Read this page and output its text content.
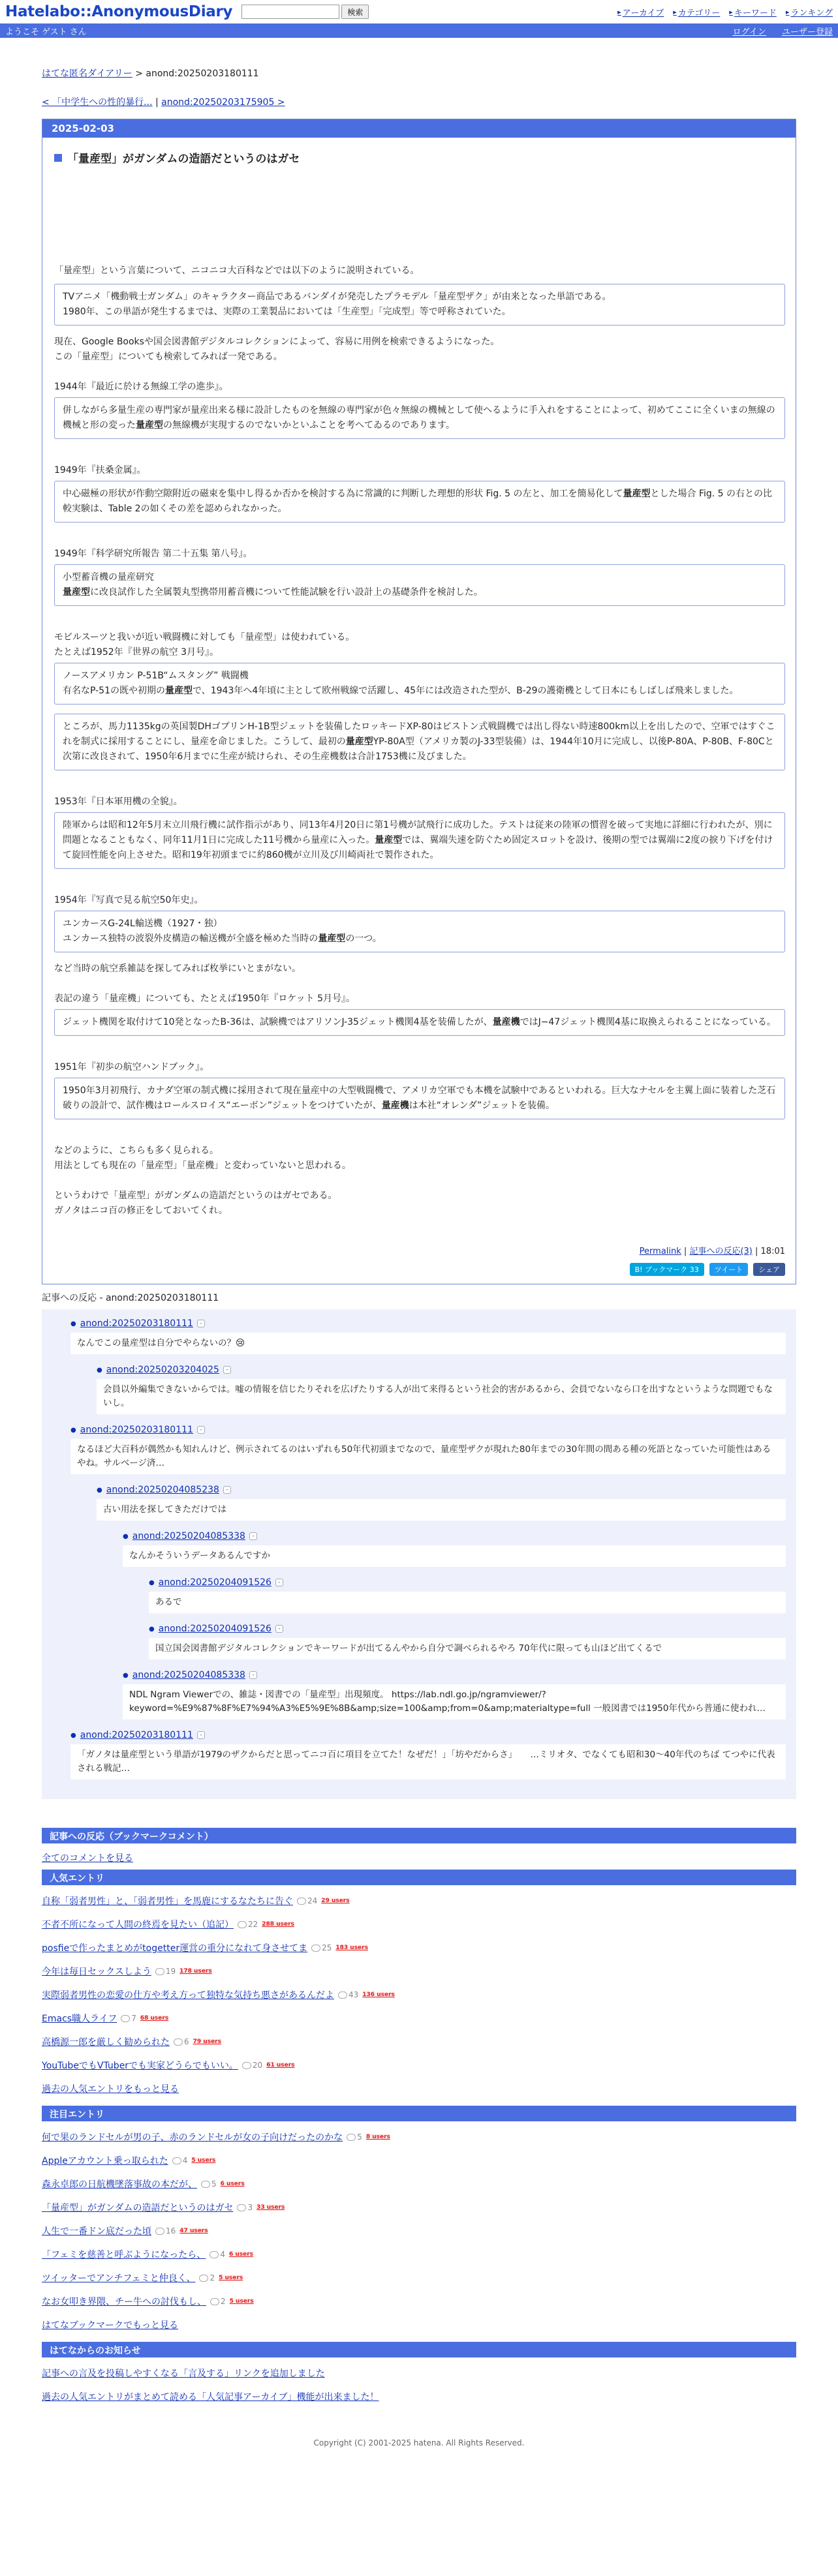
Hatelabo::AnonymousDiary	検索	▸ アーカイブ ▸ カテゴリー ▸ キーワード ▸ ランキング
ようこそ ゲスト さん	ログイン ユーザー登録
はてな匿名ダイアリー > anond:20250203180111
< 「中学生への性的暴行... | anond:20250203175905 >
2025-02-03
「量産型」がガンダムの造語だというのはガセ

「量産型」という言葉について、ニコニコ大百科などでは以下のように説明されている。

TVアニメ「機動戦士ガンダム」のキャラクター商品であるバンダイが発売したプラモデル「量産型ザク」が由来となった単語である。

1980年、この単語が発生するまでは、実際の工業製品においては「生産型」「完成型」等で呼称されていた。

現在、Google Booksや国会図書館デジタルコレクションによって、容易に用例を検索できるようになった。

この「量産型」についても検索してみれば一発である。

1944年『最近に於ける無線工学の進歩』。

併しながら多量生産の専門家が量産出来る様に設計したものを無線の専門家が色々無線の機械として使へるように手入れをすることによって、初めてここに全くいまの無線の機械と形の変った量産型の無線機が実現するのでないかといふことを考へてゐるのであります。

1949年『扶桑金属』。

中心磁極の形状が作動空隙附近の磁束を集中し得るか否かを検討する為に常識的に判断した理想的形状 Fig. 5 の左と、加工を簡易化して量産型とした場合 Fig. 5 の右との比較実験は、Table 2の如くその差を認められなかった。

1949年『科学研究所報告 第二十五集 第八号』。

小型蓄音機の量産研究

量産型に改良試作した全属製丸型携帯用蓄音機について性能試験を行い設計上の基礎条件を検討した。

モビルスーツと我いが近い戦闘機に対しても「量産型」は使われている。

たとえば1952年『世界の航空 3月号』。

ノースアメリカン P-51B“ムスタング” 戦闘機

有名なP-51の既や初期の量産型で、1943年へ4年頃に主として欧州戦線で活躍し、45年には改造された型が、B-29の護衛機として日本にもしばしば飛来しました。
ところが、馬力1135kgの英国製DHゴブリンH-1B型ジェットを装備したロッキードXP-80はピストン式戦闘機では出し得ない時速800km以上を出したので、空軍ではすぐこれを制式に採用することにし、量産を命じました。こうして、最初の量産型YP-80A型（アメリカ製のJ-33型装備）は、1944年10月に完成し、以後P-80A、P-80B、F-80Cと次第に改良されて、1950年6月までに生産が続けられ、その生産機数は合計1753機に及びました。

1953年『日本軍用機の全貌』。

陸軍からは昭和12年5月末立川飛行機に試作指示があり、同13年4月20日に第1号機が試飛行に成功した。テストは従来の陸軍の慣習を破って実地に詳細に行われたが、別に問題となることもなく、同年11月1日に完成した11号機から量産に入った。量産型では、翼端失速を防ぐため固定スロットを設け、後期の型では翼端に2度の捩り下げを付けて旋回性能を向上させた。昭和19年初頭までに約860機が立川及び川崎両社で製作された。

1954年『写真で見る航空50年史』。

ユンカースG-24L輸送機（1927・独）

ユンカース独特の波裂外皮構造の輸送機が全盛を極めた当時の量産型の一つ。

など当時の航空系雑誌を探してみれば枚挙にいとまがない。

表記の違う「量産機」についても、たとえば1950年『ロケット 5月号』。

ジェット機関を取付けて10発となったB-36は、試験機ではアリソンJ-35ジェット機関4基を装備したが、量産機ではJ−47ジェット機関4基に取換えられることになっている。

1951年『初歩の航空ハンドブック』。

1950年3月初飛行、カナダ空軍の制式機に採用されて現在量産中の大型戦闘機で、アメリカ空軍でも本機を試験中であるといわれる。巨大なナセルを主翼上面に装着した芝石破りの設計で、試作機はロールスロイス“エーボン”ジェットをつけていたが、量産機は本社“オレンダ”ジェットを装備。

などのように、こちらも多く見られる。

用法としても現在の「量産型」「量産機」と変わっていないと思われる。

というわけで「量産型」がガンダムの造語だというのはガセである。

ガノタはニコ百の修正をしておいてくれ。

Permalink | 記事への反応(3) | 18:01
B! ブックマーク 33	ツイート	シェア
記事への反応 - anond:20250203180111
● anond:20250203180111	-
なんでこの量産型は自分でやらないの？😢
● anond:20250203204025	-
会員以外編集できないからでは。嘘の情報を信じたりそれを広げたりする人が出て来得るという社会的害があるから、会員でないなら口を出すなというような問題でもないし。
● anond:20250203180111	-
なるほど大百科が偶然かも知れんけど、例示されてるのはいずれも50年代初頭までなので、量産型ザクが現れた80年までの30年間の間ある種の死語となっていた可能性はあるやね。サルベージ済…
● anond:20250204085238	-
古い用法を探してきただけでは
● anond:20250204085338	-
なんかそういうデータあるんですか
● anond:20250204091526	-
あるで
● anond:20250204091526	-
国立国会図書館デジタルコレクションでキーワードが出てるんやから自分で調べられるやろ 70年代に限っても山ほど出てくるで
● anond:20250204085338	-
NDL Ngram Viewerでの、雑誌・図書での「量産型」出現頻度。 https://lab.ndl.go.jp/ngramviewer/?keyword=%E9%87%8F%E7%94%A3%E5%9E%8B&amp;size=100&amp;from=0&amp;materialtype=full 一般図書では1950年代から普通に使われ…
● anond:20250203180111	-
「ガノタは量産型という単語が1979のザクからだと思ってニコ百に項目を立てた！なぜだ！」「坊やだからさ」　　…ミリオタ、でなくても昭和30〜40年代のちば てつやに代表される戦記…
記事への反応（ブックマークコメント）
全てのコメントを見る
人気エントリ
自称「弱者男性」と、「弱者男性」を馬鹿にするなたちに告ぐ 24 29 users
不者不所になって人間の終焉を見たい（追記） 22 288 users
posfieで作ったまとめがtogetter運営の重分になれて身させてま 25 183 users
今年は毎日セックスしよう 19 178 users
実際弱者男性の恋愛の仕方や考え方って独特な気持ち悪さがあるんだよ 43 136 users
Emacs職人ライフ 7 68 users
高橋源一郎を厳しく勧められた 6 79 users
YouTubeでもVTuberでも実家どうらでもいい。 20 61 users
過去の人気エントリをもっと見る
注目エントリ
何で果のランドセルが男の子、赤のランドセルが女の子向けだったのかな 5 8 users
Appleアカウント乗っ取られた 4 5 users
森永卓郎の日航機墜落事故の本だが、 5 6 users
「量産型」がガンダムの造語だというのはガセ 3 33 users
人生で一番ドン底だった頃 16 47 users
「フェミを慈善と呼ぶようになったら、 4 6 users
ツイッターでアンチフェミと仲良く、 2 5 users
なお女叩き界隈、チー牛への討伐もし、 2 5 users
はてなブックマークでもっと見る
はてなからのお知らせ
記事への言及を投稿しやすくなる「言及する」リンクを追加しました
過去の人気エントリがまとめて読める「人気記事アーカイブ」機能が出来ました！
Copyright (C) 2001-2025 hatena. All Rights Reserved.
